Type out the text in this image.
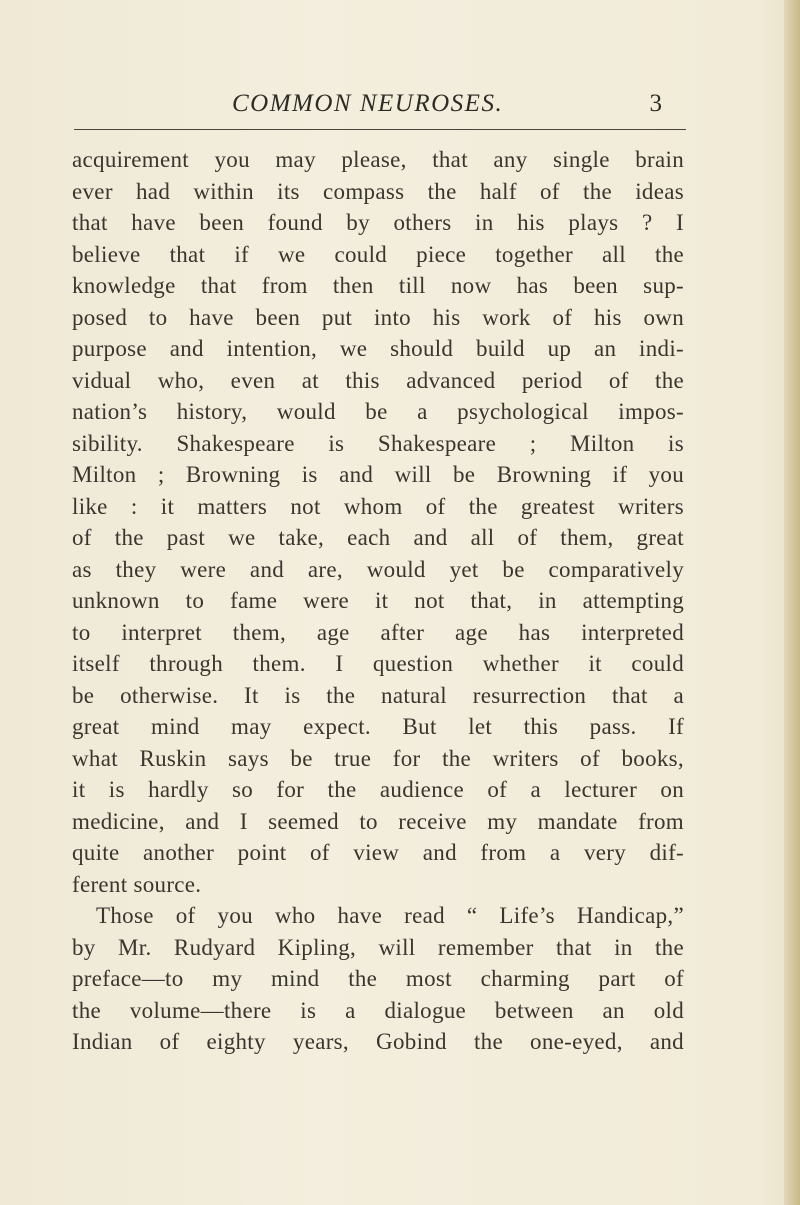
COMMON NEUROSES.	3
acquirement you may please, that any single brain
ever had within its compass the half of the ideas
that have been found by others in his plays ? I
believe that if we could piece together all the
knowledge that from then till now has been sup-
posed to have been put into his work of his own
purpose and intention, we should build up an indi-
vidual who, even at this advanced period of the
nation’s history, would be a psychological impos-
sibility. Shakespeare is Shakespeare ; Milton is
Milton ; Browning is and will be Browning if you
like : it matters not whom of the greatest writers
of the past we take, each and all of them, great
as they were and are, would yet be comparatively
unknown to fame were it not that, in attempting
to interpret them, age after age has interpreted
itself through them. I question whether it could
be otherwise. It is the natural resurrection that a
great mind may expect. But let this pass. If
what Ruskin says be true for the writers of books,
it is hardly so for the audience of a lecturer on
medicine, and I seemed to receive my mandate from
quite another point of view and from a very dif-
ferent source.
Those of you who have read “ Life’s Handicap,”
by Mr. Rudyard Kipling, will remember that in the
preface—to my mind the most charming part of
the volume—there is a dialogue between an old
Indian of eighty years, Gobind the one-eyed, and
